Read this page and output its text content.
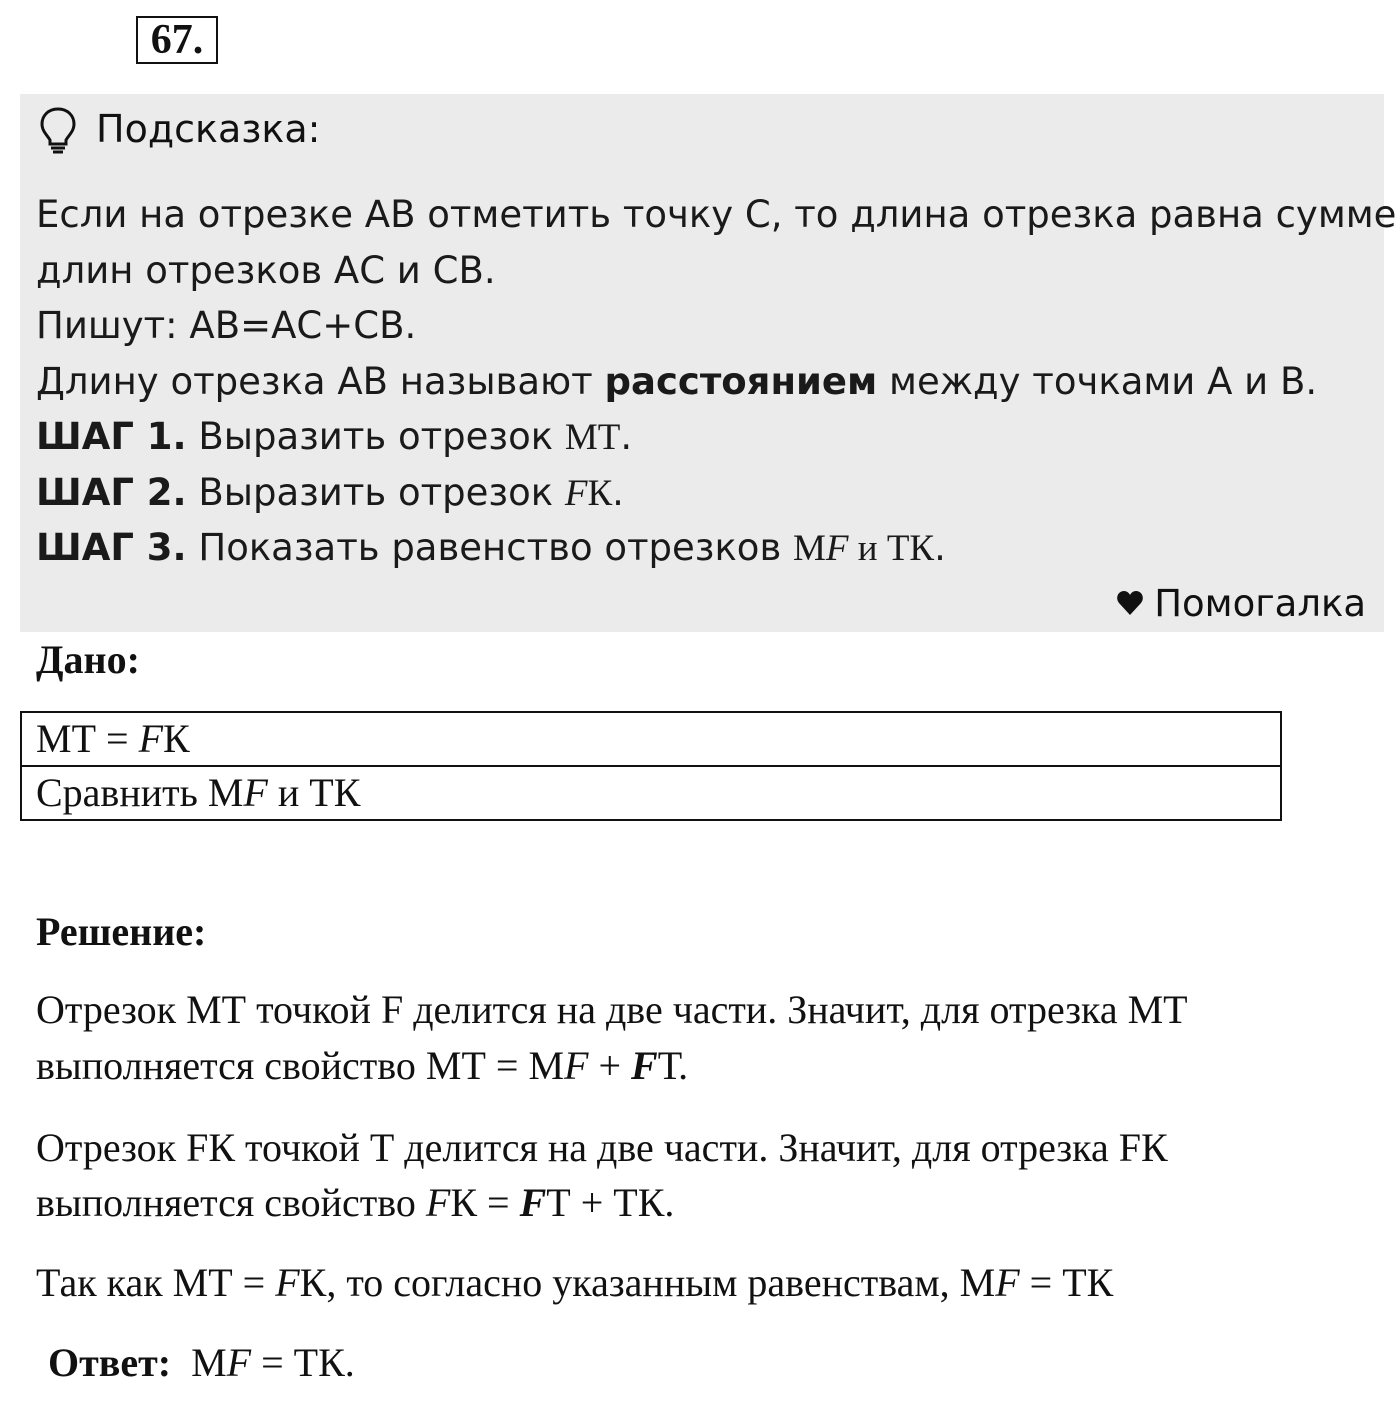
67.
Подсказка:
Если на отрезке АВ отметить точку С, то длина отрезка равна сумме
длин отрезков АС и СВ.
Пишут: АВ=АС+СВ.
Длину отрезка АВ называют расстоянием между точками А и В.
ШАГ 1. Выразить отрезок МТ.
ШАГ 2. Выразить отрезок FК.
ШАГ 3. Показать равенство отрезков МF и ТК.
Помогалка
Дано:
МТ = FК
Сравнить МF и ТК
Решение:
Отрезок МТ точкой F делится на две части. Значит, для отрезка МТ
выполняется свойство МТ = МF + FТ.
Отрезок FК точкой Т делится на две части. Значит, для отрезка FК
выполняется свойство FК = FТ + ТК.
Так как МТ = FК, то согласно указанным равенствам, МF = ТК
Ответ:  МF = ТК.
